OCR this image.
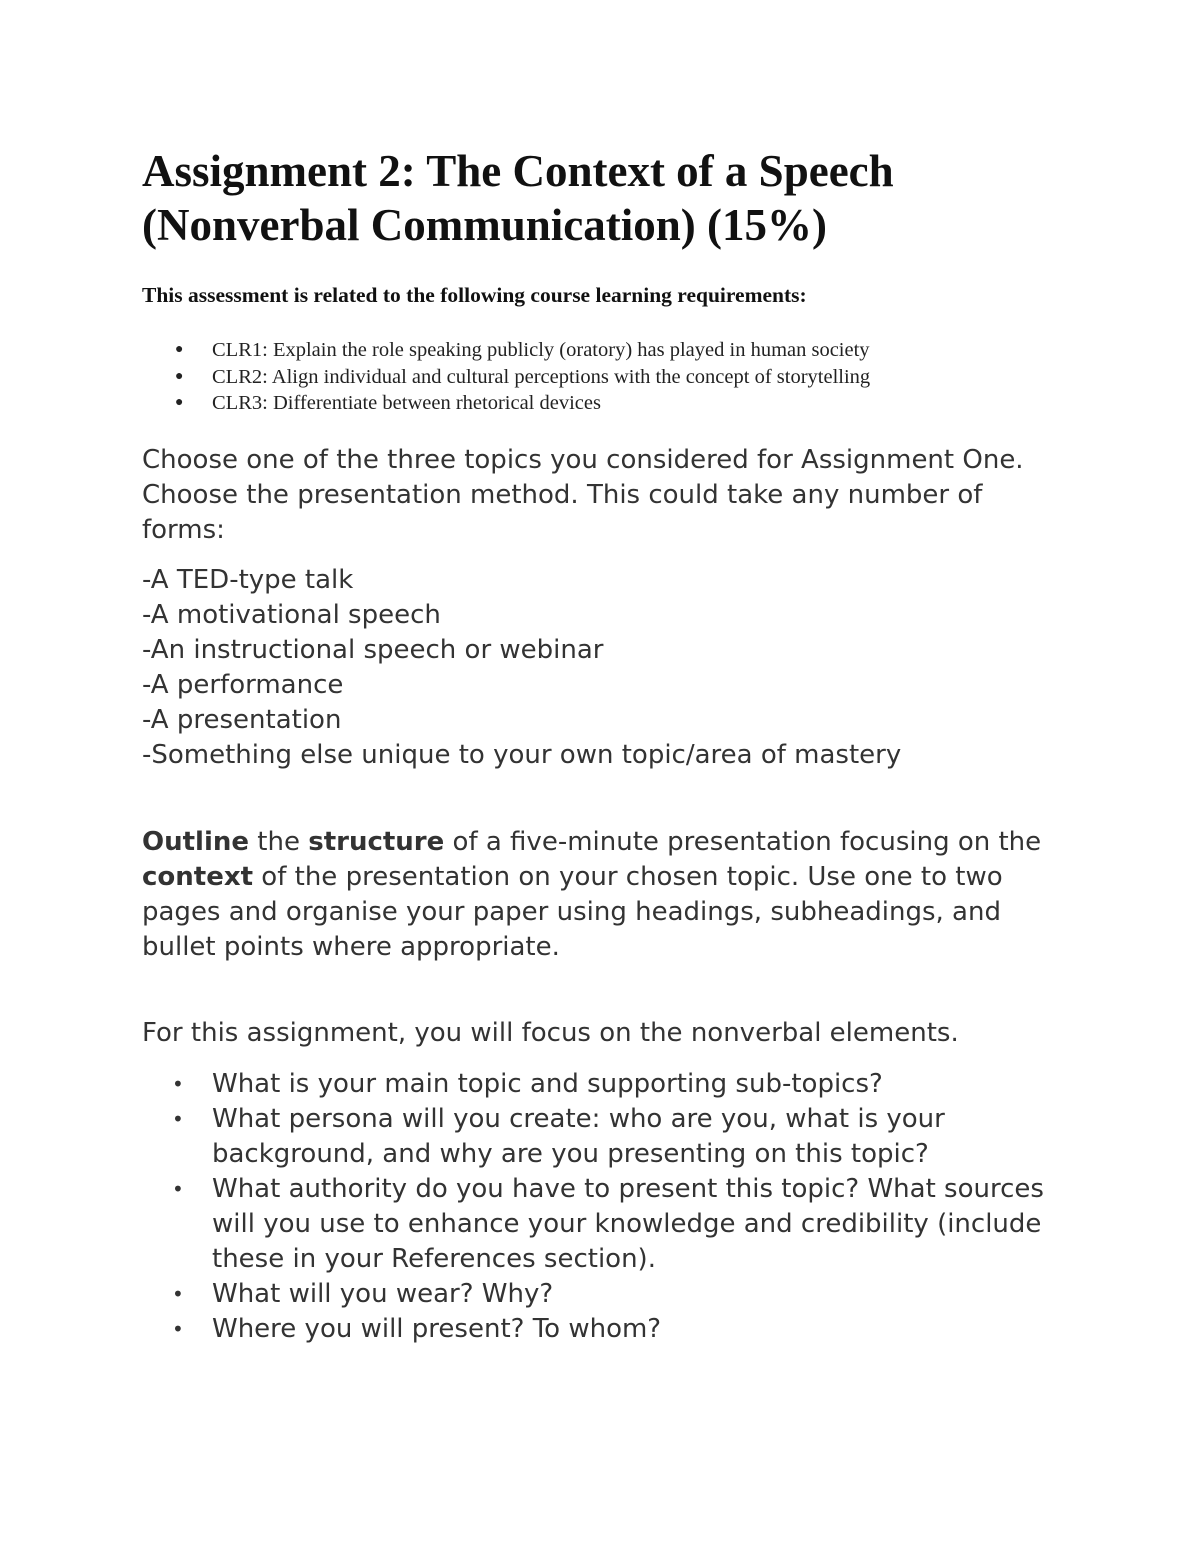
Assignment 2: The Context of a Speech (Nonverbal Communication) (15%)

This assessment is related to the following course learning requirements:

● CLR1: Explain the role speaking publicly (oratory) has played in human society
● CLR2: Align individual and cultural perceptions with the concept of storytelling
● CLR3: Differentiate between rhetorical devices

Choose one of the three topics you considered for Assignment One. Choose the presentation method. This could take any number of forms:

-A TED-type talk
-A motivational speech
-An instructional speech or webinar
-A performance
-A presentation
-Something else unique to your own topic/area of mastery

Outline the structure of a five-minute presentation focusing on the context of the presentation on your chosen topic. Use one to two pages and organise your paper using headings, subheadings, and bullet points where appropriate.

For this assignment, you will focus on the nonverbal elements.

• What is your main topic and supporting sub-topics?
• What persona will you create: who are you, what is your background, and why are you presenting on this topic?
• What authority do you have to present this topic? What sources will you use to enhance your knowledge and credibility (include these in your References section).
• What will you wear? Why?
• Where you will present? To whom?
